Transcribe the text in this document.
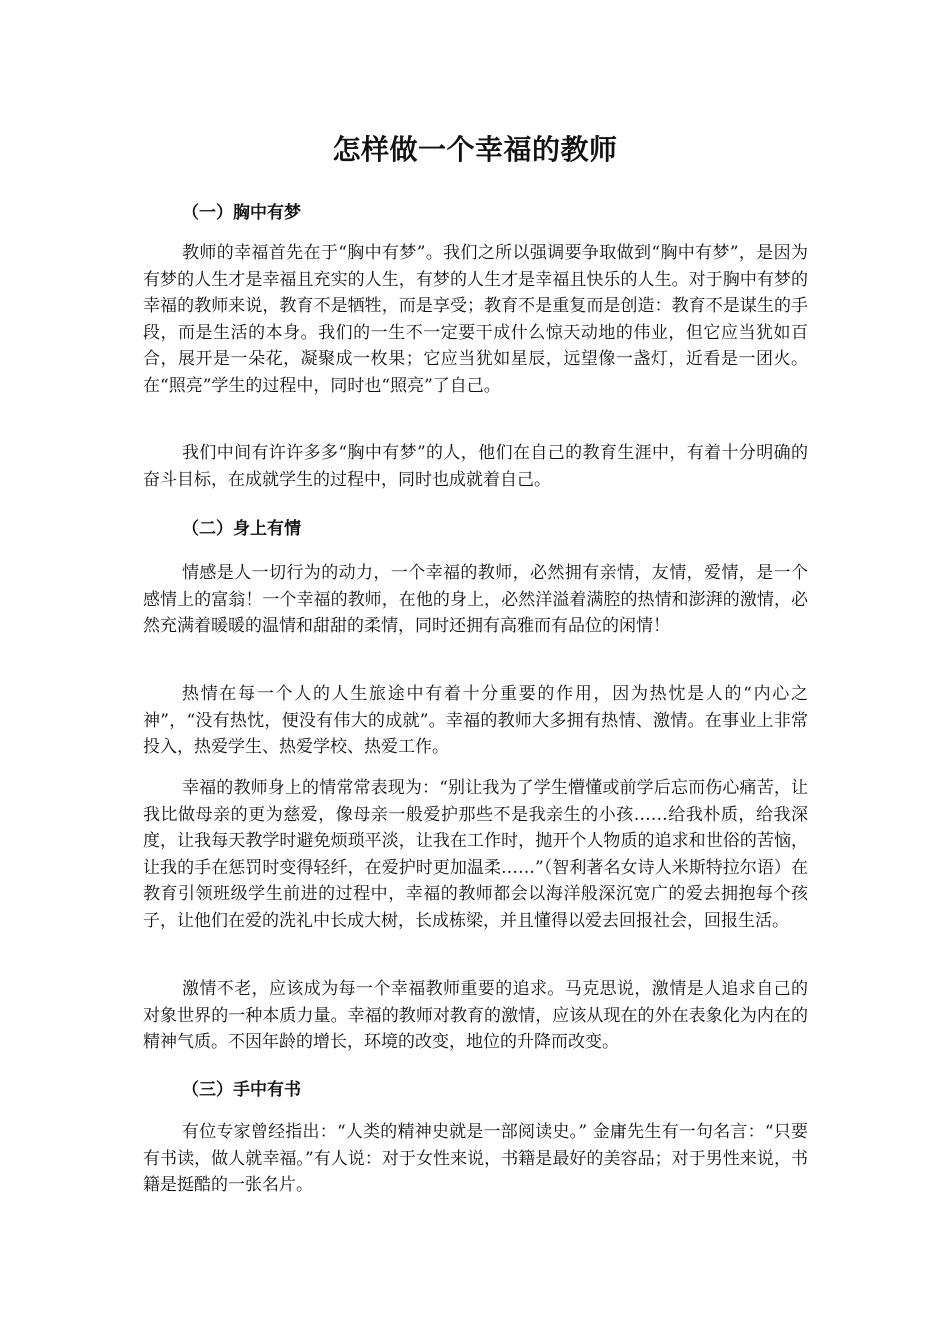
怎样做一个幸福的教师
（一）胸中有梦
教师的幸福首先在于“胸中有梦”。我们之所以强调要争取做到“胸中有梦”，是因为有梦的人生才是幸福且充实的人生，有梦的人生才是幸福且快乐的人生。对于胸中有梦的幸福的教师来说，教育不是牺牲，而是享受；教育不是重复而是创造：教育不是谋生的手段，而是生活的本身。我们的一生不一定要干成什么惊天动地的伟业，但它应当犹如百合，展开是一朵花，凝聚成一枚果；它应当犹如星辰，远望像一盏灯，近看是一团火。在“照亮”学生的过程中，同时也“照亮”了自己。
我们中间有许许多多“胸中有梦”的人，他们在自己的教育生涯中，有着十分明确的奋斗目标，在成就学生的过程中，同时也成就着自己。
（二）身上有情
情感是人一切行为的动力，一个幸福的教师，必然拥有亲情，友情，爱情，是一个感情上的富翁！一个幸福的教师，在他的身上，必然洋溢着满腔的热情和澎湃的激情，必然充满着暖暖的温情和甜甜的柔情，同时还拥有高雅而有品位的闲情！
热情在每一个人的人生旅途中有着十分重要的作用，因为热忱是人的“内心之神”，“没有热忱，便没有伟大的成就”。幸福的教师大多拥有热情、激情。在事业上非常投入，热爱学生、热爱学校、热爱工作。
幸福的教师身上的情常常表现为：“别让我为了学生懵懂或前学后忘而伤心痛苦，让我比做母亲的更为慈爱，像母亲一般爱护那些不是我亲生的小孩……给我朴质，给我深度，让我每天教学时避免烦琐平淡，让我在工作时，抛开个人物质的追求和世俗的苦恼，让我的手在惩罚时变得轻纤，在爱护时更加温柔……”（智利著名女诗人米斯特拉尔语）在教育引领班级学生前进的过程中，幸福的教师都会以海洋般深沉宽广的爱去拥抱每个孩子，让他们在爱的洗礼中长成大树，长成栋梁，并且懂得以爱去回报社会，回报生活。
激情不老，应该成为每一个幸福教师重要的追求。马克思说，激情是人追求自己的对象世界的一种本质力量。幸福的教师对教育的激情，应该从现在的外在表象化为内在的精神气质。不因年龄的增长，环境的改变，地位的升降而改变。
（三）手中有书
有位专家曾经指出：“人类的精神史就是一部阅读史。” 金庸先生有一句名言：“只要有书读，做人就幸福。”有人说：对于女性来说，书籍是最好的美容品；对于男性来说，书籍是挺酷的一张名片。
